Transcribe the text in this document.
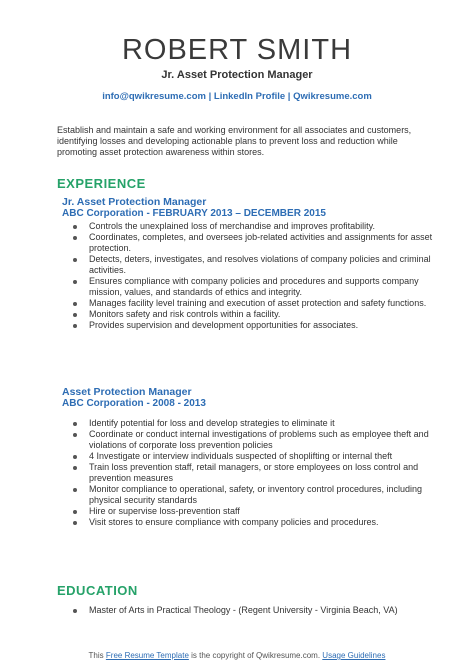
ROBERT SMITH
Jr. Asset Protection Manager
info@qwikresume.com | LinkedIn Profile | Qwikresume.com
Establish and maintain a safe and working environment for all associates and customers, identifying losses and developing actionable plans to prevent loss and reduction while promoting asset protection awareness within stores.
EXPERIENCE
Jr. Asset Protection Manager
ABC Corporation - FEBRUARY 2013 – DECEMBER 2015
Controls the unexplained loss of merchandise and improves profitability.
Coordinates, completes, and oversees job-related activities and assignments for asset protection.
Detects, deters, investigates, and resolves violations of company policies and criminal activities.
Ensures compliance with company policies and procedures and supports company mission, values, and standards of ethics and integrity.
Manages facility level training and execution of asset protection and safety functions.
Monitors safety and risk controls within a facility.
Provides supervision and development opportunities for associates.
Asset Protection Manager
ABC Corporation - 2008 - 2013
Identify potential for loss and develop strategies to eliminate it
Coordinate or conduct internal investigations of problems such as employee theft and violations of corporate loss prevention policies
4 Investigate or interview individuals suspected of shoplifting or internal theft
Train loss prevention staff, retail managers, or store employees on loss control and prevention measures
Monitor compliance to operational, safety, or inventory control procedures, including physical security standards
Hire or supervise loss-prevention staff
Visit stores to ensure compliance with company policies and procedures.
EDUCATION
Master of Arts in Practical Theology - (Regent University - Virginia Beach, VA)
This Free Resume Template is the copyright of Qwikresume.com. Usage Guidelines
